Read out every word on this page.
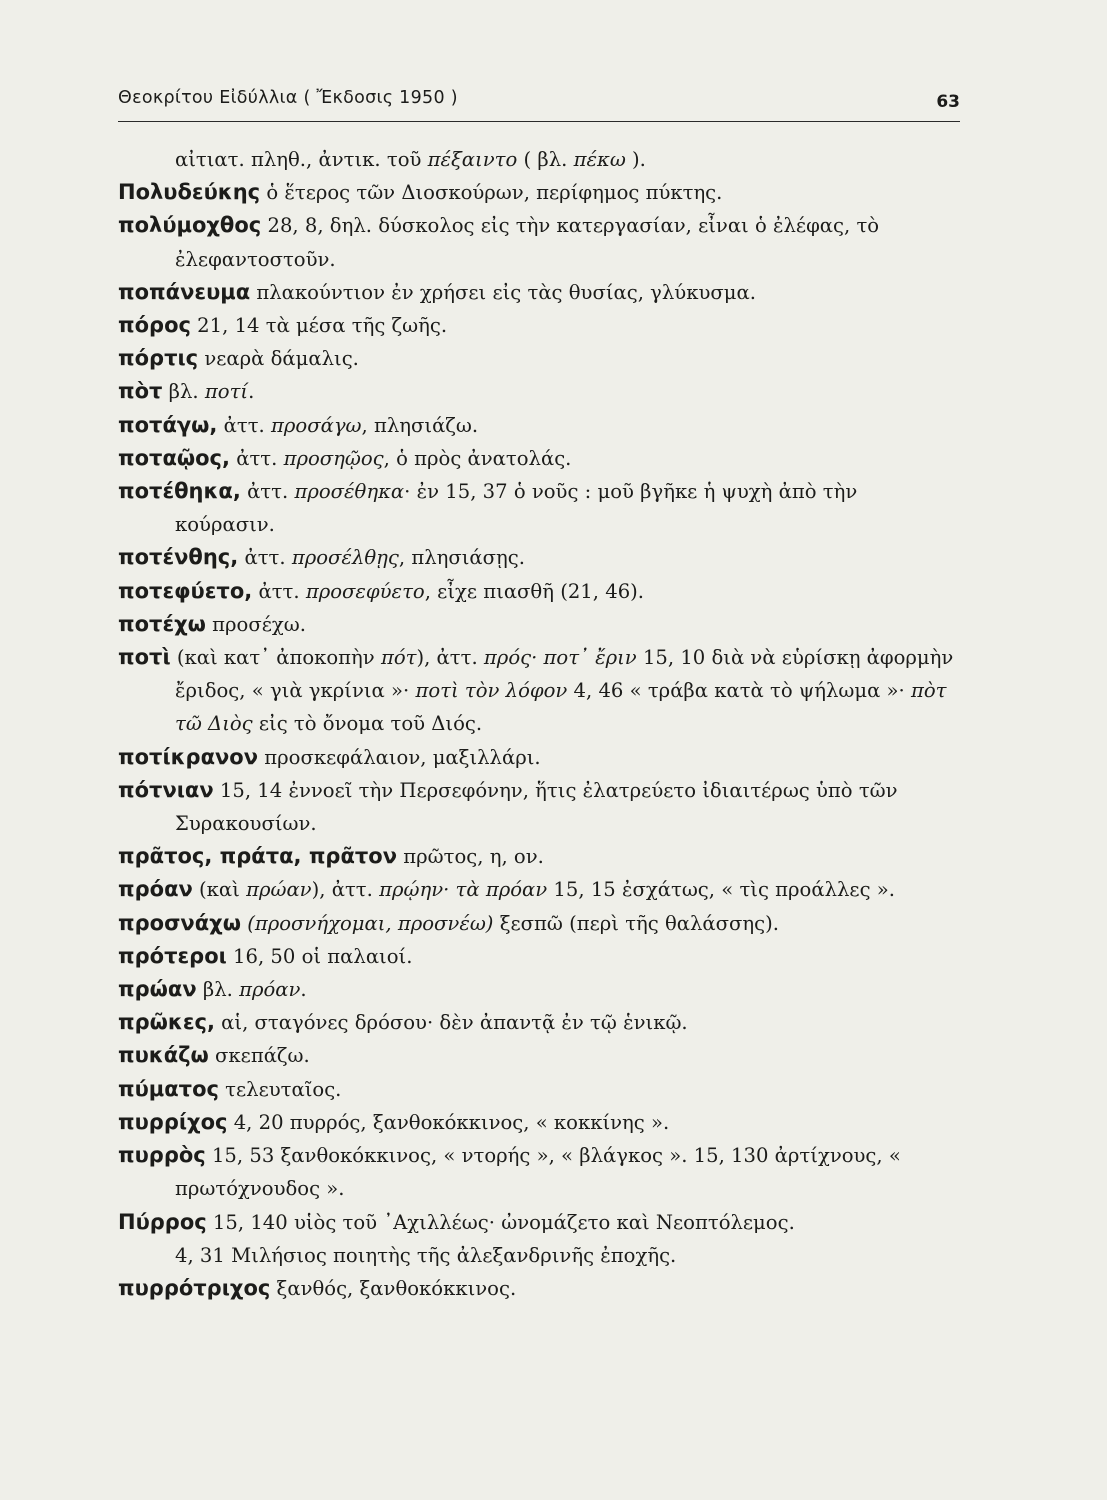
Θεοκρίτου Εἰδύλλια ( Ἔκδοσις 1950 )	63

αἰτιατ. πληθ., ἀντικ. τοῦ πέξαιντο ( βλ. πέκω ).

Πολυδεύκης ὁ ἕτερος τῶν Διοσκούρων, περίφημος πύκτης.

πολύμοχθος 28, 8, δηλ. δύσκολος εἰς τὴν κατεργασίαν, εἶναι ὁ ἐλέφας, τὸ ἐλεφαντοστοῦν.

ποπάνευμα πλακούντιον ἐν χρήσει εἰς τὰς θυσίας, γλύκυσμα.

πόρος 21, 14 τὰ μέσα τῆς ζωῆς.

πόρτις νεαρὰ δάμαλις.

πὸτ βλ. ποτί.

ποτάγω, ἀττ. προσάγω, πλησιάζω.

ποταῷος, ἀττ. προσηῷος, ὁ πρὸς ἀνατολάς.

ποτέθηκα, ἀττ. προσέθηκα· ἐν 15, 37 ὁ νοῦς : μοῦ βγῆκε ἡ ψυχὴ ἀπὸ τὴν κούρασιν.

ποτένθης, ἀττ. προσέλθῃς, πλησιάσῃς.

ποτεφύετο, ἀττ. προσεφύετο, εἶχε πιασθῆ (21, 46).

ποτέχω προσέχω.

ποτὶ (καὶ κατ᾽ ἀποκοπὴν πότ), ἀττ. πρός· ποτ᾽ ἔριν 15, 10 διὰ νὰ εὑρίσκῃ ἀφορμὴν ἔριδος, « γιὰ γκρίνια »· ποτὶ τὸν λόφον 4, 46 « τράβα κατὰ τὸ ψήλωμα »· πὸτ τῶ Διὸς εἰς τὸ ὄνομα τοῦ Διός.

ποτίκρανον προσκεφάλαιον, μαξιλλάρι.

πότνιαν 15, 14 ἐννοεῖ τὴν Περσεφόνην, ἥτις ἐλατρεύετο ἰδιαιτέρως ὑπὸ τῶν Συρακουσίων.

πρᾶτος, πράτα, πρᾶτον πρῶτος, η, ον.

πρόαν (καὶ πρώαν), ἀττ. πρῴην· τὰ πρόαν 15, 15 ἐσχάτως, « τὶς προάλλες ».

προσνάχω (προσνήχομαι, προσνέω) ξεσπῶ (περὶ τῆς θαλάσσης).

πρότεροι 16, 50 οἱ παλαιοί.

πρώαν βλ. πρόαν.

πρῶκες, αἱ, σταγόνες δρόσου· δὲν ἀπαντᾷ ἐν τῷ ἑνικῷ.

πυκάζω σκεπάζω.

πύματος τελευταῖος.

πυρρίχος 4, 20 πυρρός, ξανθοκόκκινος, « κοκκίνης ».

πυρρὸς 15, 53 ξανθοκόκκινος, « ντορής », « βλάγκος ». 15, 130 ἀρτίχνους, « πρωτόχνουδος ».

Πύρρος 15, 140 υἱὸς τοῦ ᾿Αχιλλέως· ὠνομάζετο καὶ Νεοπτόλεμος.

4, 31 Μιλήσιος ποιητὴς τῆς ἀλεξανδρινῆς ἐποχῆς.

πυρρότριχος ξανθός, ξανθοκόκκινος.
